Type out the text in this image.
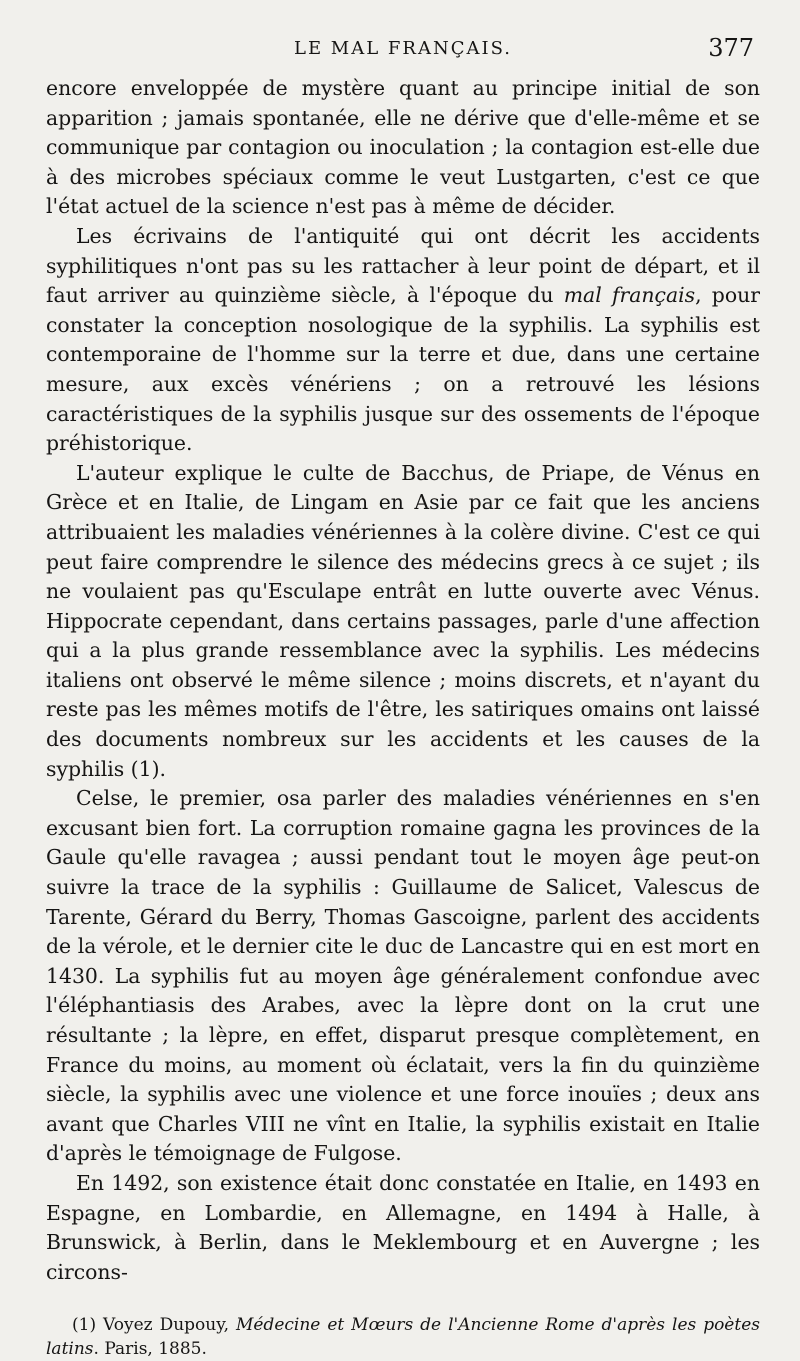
LE MAL FRANÇAIS.	377

encore enveloppée de mystère quant au principe initial de son apparition ; jamais spontanée, elle ne dérive que d'elle-même et se communique par contagion ou inoculation ; la contagion est-elle due à des microbes spéciaux comme le veut Lustgarten, c'est ce que l'état actuel de la science n'est pas à même de décider.

Les écrivains de l'antiquité qui ont décrit les accidents syphilitiques n'ont pas su les rattacher à leur point de départ, et il faut arriver au quinzième siècle, à l'époque du mal français, pour constater la conception nosologique de la syphilis. La syphilis est contemporaine de l'homme sur la terre et due, dans une certaine mesure, aux excès vénériens ; on a retrouvé les lésions caractéristiques de la syphilis jusque sur des ossements de l'époque préhistorique.

L'auteur explique le culte de Bacchus, de Priape, de Vénus en Grèce et en Italie, de Lingam en Asie par ce fait que les anciens attribuaient les maladies vénériennes à la colère divine. C'est ce qui peut faire comprendre le silence des médecins grecs à ce sujet ; ils ne voulaient pas qu'Esculape entrât en lutte ouverte avec Vénus. Hippocrate cependant, dans certains passages, parle d'une affection qui a la plus grande ressemblance avec la syphilis. Les médecins italiens ont observé le même silence ; moins discrets, et n'ayant du reste pas les mêmes motifs de l'être, les satiriques omains ont laissé des documents nombreux sur les accidents et les causes de la syphilis (1).

Celse, le premier, osa parler des maladies vénériennes en s'en excusant bien fort. La corruption romaine gagna les provinces de la Gaule qu'elle ravagea ; aussi pendant tout le moyen âge peut-on suivre la trace de la syphilis : Guillaume de Salicet, Valescus de Tarente, Gérard du Berry, Thomas Gascoigne, parlent des accidents de la vérole, et le dernier cite le duc de Lancastre qui en est mort en 1430. La syphilis fut au moyen âge généralement confondue avec l'éléphantiasis des Arabes, avec la lèpre dont on la crut une résultante ; la lèpre, en effet, disparut presque complètement, en France du moins, au moment où éclatait, vers la fin du quinzième siècle, la syphilis avec une violence et une force inouïes ; deux ans avant que Charles VIII ne vînt en Italie, la syphilis existait en Italie d'après le témoignage de Fulgose.

En 1492, son existence était donc constatée en Italie, en 1493 en Espagne, en Lombardie, en Allemagne, en 1494 à Halle, à Brunswick, à Berlin, dans le Meklembourg et en Auvergne ; les circons-

(1) Voyez Dupouy, Médecine et Mœurs de l'Ancienne Rome d'après les poètes latins. Paris, 1885.
